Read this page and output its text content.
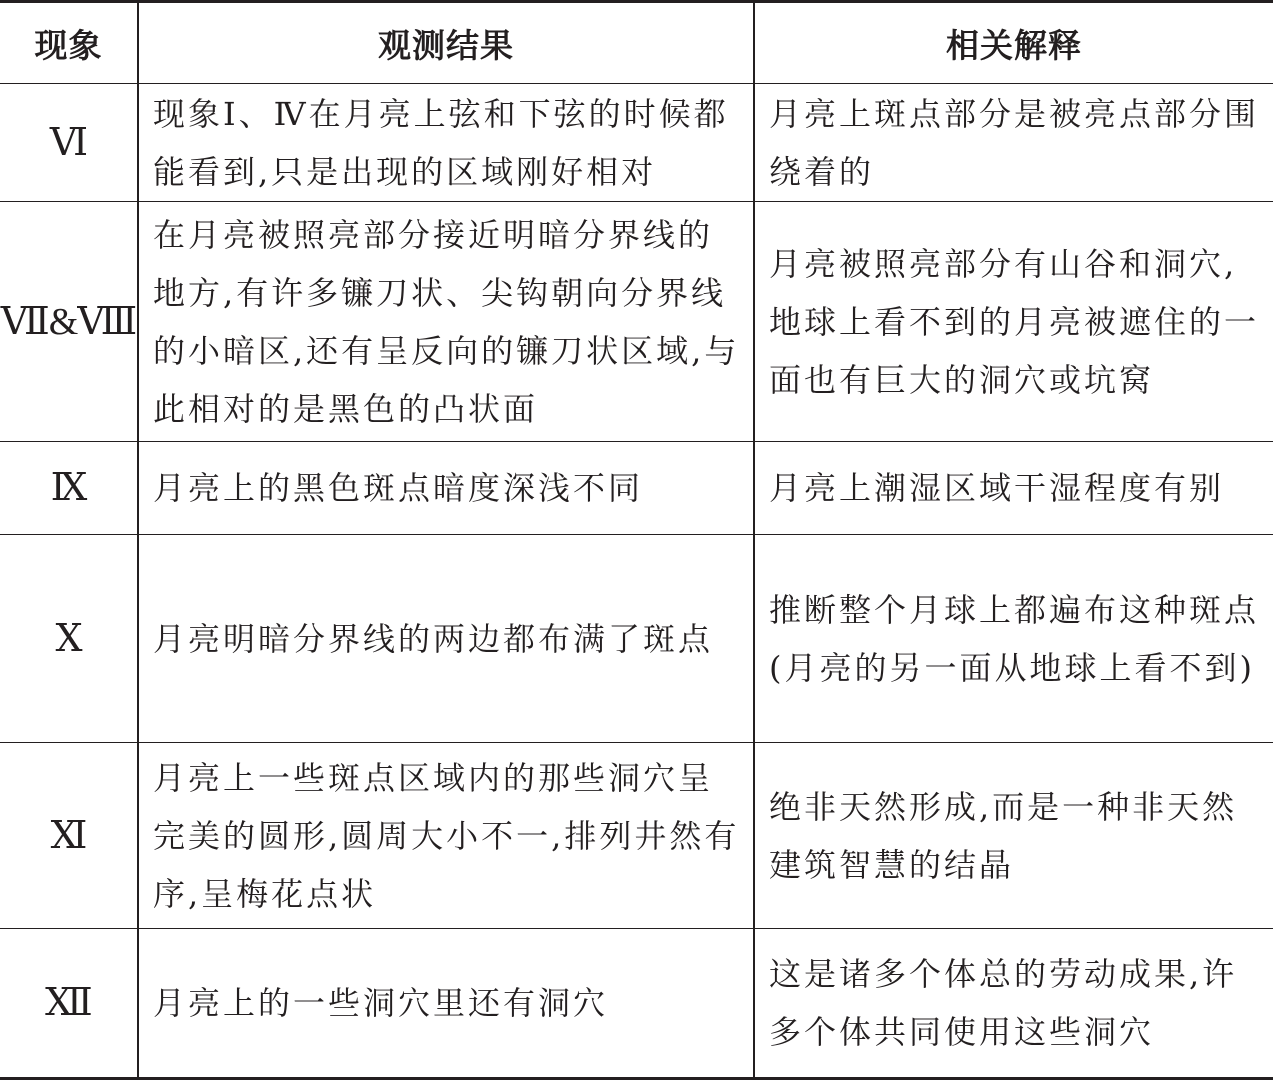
现象	观测结果	相关解释
Ⅵ	现象Ⅰ、Ⅳ在月亮上弦和下弦的时候都能看到,只是出现的区域刚好相对	月亮上斑点部分是被亮点部分围绕着的
Ⅶ&Ⅷ	在月亮被照亮部分接近明暗分界线的地方,有许多镰刀状、尖钩朝向分界线的小暗区,还有呈反向的镰刀状区域,与此相对的是黑色的凸状面	月亮被照亮部分有山谷和洞穴,地球上看不到的月亮被遮住的一面也有巨大的洞穴或坑窝
Ⅸ	月亮上的黑色斑点暗度深浅不同	月亮上潮湿区域干湿程度有别
Ⅹ	月亮明暗分界线的两边都布满了斑点	推断整个月球上都遍布这种斑点(月亮的另一面从地球上看不到)
Ⅺ	月亮上一些斑点区域内的那些洞穴呈完美的圆形,圆周大小不一,排列井然有序,呈梅花点状	绝非天然形成,而是一种非天然建筑智慧的结晶
Ⅻ	月亮上的一些洞穴里还有洞穴	这是诸多个体总的劳动成果,许多个体共同使用这些洞穴
